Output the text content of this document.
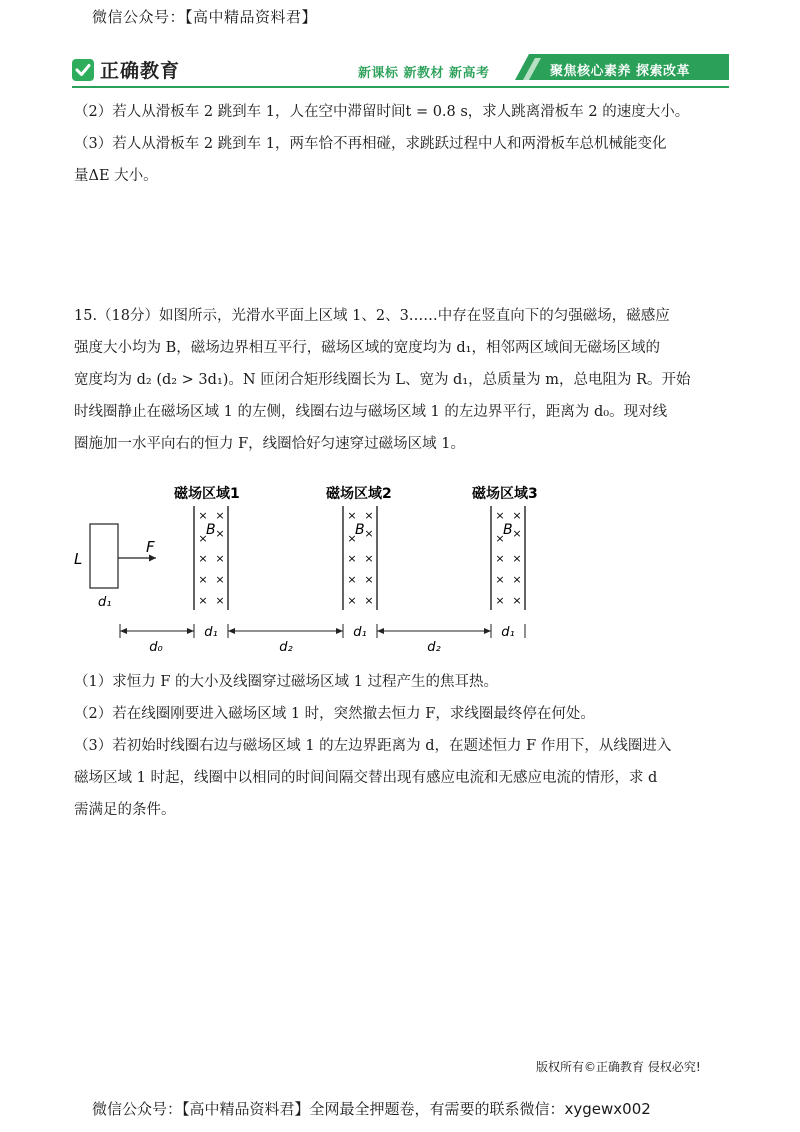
微信公众号：【高中精品资料君】
正确教育	新课标 新教材 新高考	聚焦核心素养 探索改革

（2）若人从滑板车 2 跳到车 1，人在空中滞留时间t = 0.8 s，求人跳离滑板车 2 的速度大小。

（3）若人从滑板车 2 跳到车 1，两车恰不再相碰，求跳跃过程中人和两滑板车总机械能变化

量ΔE 大小。

15.（18分）如图所示，光滑水平面上区域 1、2、3……中存在竖直向下的匀强磁场，磁感应

强度大小均为 B，磁场边界相互平行，磁场区域的宽度均为 d₁，相邻两区域间无磁场区域的

宽度均为 d₂ (d₂ > 3d₁)。N 匝闭合矩形线圈长为 L、宽为 d₁，总质量为 m，总电阻为 R。开始

时线圈静止在磁场区域 1 的左侧，线圈右边与磁场区域 1 的左边界平行，距离为 d₀。现对线

圈施加一水平向右的恒力 F，线圈恰好匀速穿过磁场区域 1。

磁场区域1	磁场区域2	磁场区域3
L
d₁
F
× ×
×
×
× ×
× ×
× ×
B
× ×
×
×
× ×
× ×
× ×
B
× ×
×
×
× ×
× ×
× ×
B
d₀
d₁
d₂
d₁
d₂
d₁

（1）求恒力 F 的大小及线圈穿过磁场区域 1 过程产生的焦耳热。

（2）若在线圈刚要进入磁场区域 1 时，突然撤去恒力 F，求线圈最终停在何处。

（3）若初始时线圈右边与磁场区域 1 的左边界距离为 d，在题述恒力 F 作用下，从线圈进入

磁场区域 1 时起，线圈中以相同的时间间隔交替出现有感应电流和无感应电流的情形，求 d

需满足的条件。

版权所有©正确教育 侵权必究!
微信公众号：【高中精品资料君】全网最全押题卷，有需要的联系微信：xygewx002
